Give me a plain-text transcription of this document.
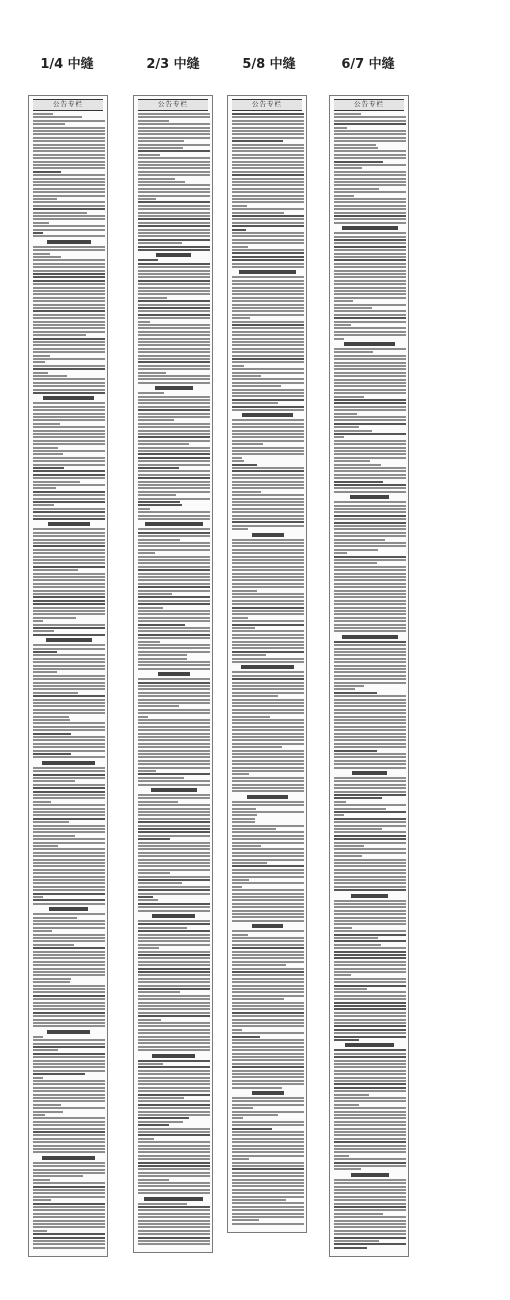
1/4 中缝	2/3 中缝	5/8 中缝	6/7 中缝
公告专栏	公告专栏	公告专栏	公告专栏
